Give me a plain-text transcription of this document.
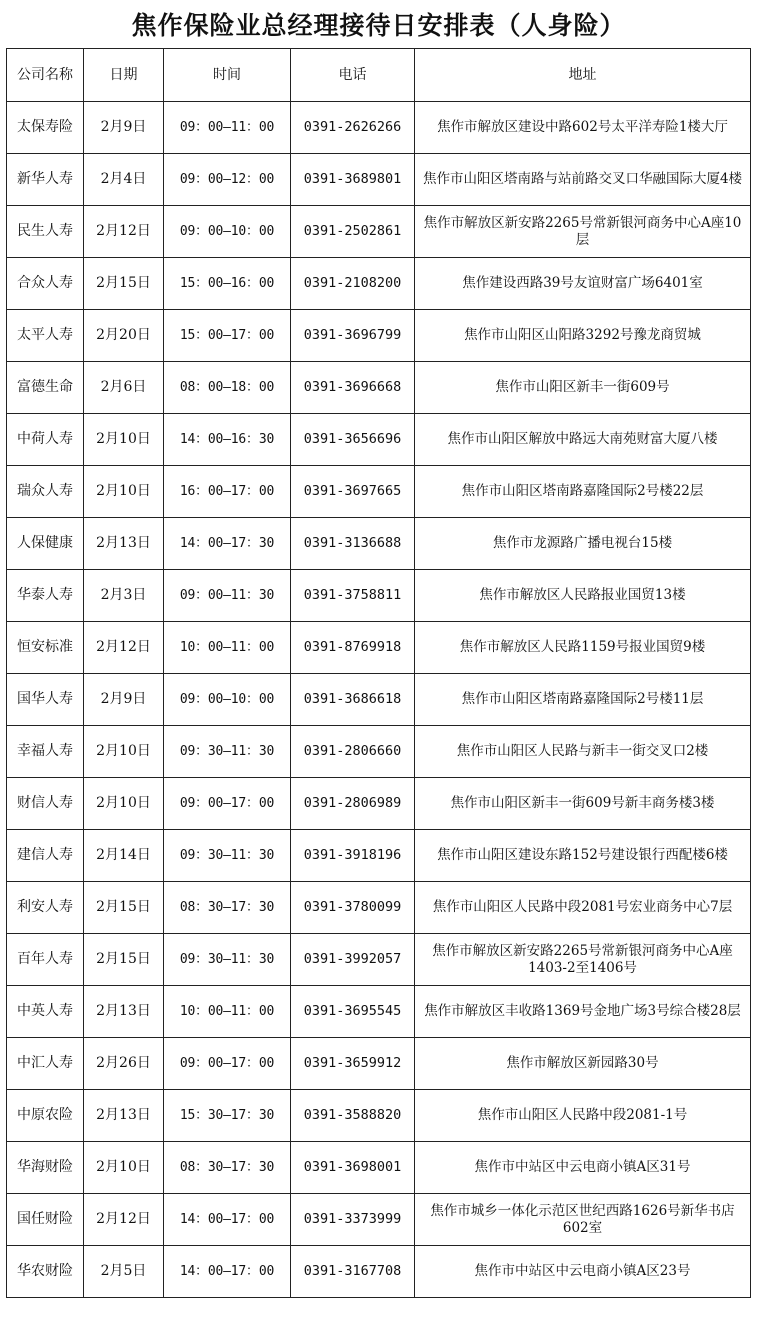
焦作保险业总经理接待日安排表（人身险）
公司名称	日期	时间	电话	地址
太保寿险	2月9日	09：00—11：00	0391-2626266	焦作市解放区建设中路602号太平洋寿险1楼大厅
新华人寿	2月4日	09：00—12：00	0391-3689801	焦作市山阳区塔南路与站前路交叉口华融国际大厦4楼
民生人寿	2月12日	09：00—10：00	0391-2502861	焦作市解放区新安路2265号常新银河商务中心A座10层
合众人寿	2月15日	15：00—16：00	0391-2108200	焦作建设西路39号友谊财富广场6401室
太平人寿	2月20日	15：00—17：00	0391-3696799	焦作市山阳区山阳路3292号豫龙商贸城
富德生命	2月6日	08：00—18：00	0391-3696668	焦作市山阳区新丰一街609号
中荷人寿	2月10日	14：00—16：30	0391-3656696	焦作市山阳区解放中路远大南苑财富大厦八楼
瑞众人寿	2月10日	16：00—17：00	0391-3697665	焦作市山阳区塔南路嘉隆国际2号楼22层
人保健康	2月13日	14：00—17：30	0391-3136688	焦作市龙源路广播电视台15楼
华泰人寿	2月3日	09：00—11：30	0391-3758811	焦作市解放区人民路报业国贸13楼
恒安标准	2月12日	10：00—11：00	0391-8769918	焦作市解放区人民路1159号报业国贸9楼
国华人寿	2月9日	09：00—10：00	0391-3686618	焦作市山阳区塔南路嘉隆国际2号楼11层
幸福人寿	2月10日	09：30—11：30	0391-2806660	焦作市山阳区人民路与新丰一街交叉口2楼
财信人寿	2月10日	09：00—17：00	0391-2806989	焦作市山阳区新丰一街609号新丰商务楼3楼
建信人寿	2月14日	09：30—11：30	0391-3918196	焦作市山阳区建设东路152号建设银行西配楼6楼
利安人寿	2月15日	08：30—17：30	0391-3780099	焦作市山阳区人民路中段2081号宏业商务中心7层
百年人寿	2月15日	09：30—11：30	0391-3992057	焦作市解放区新安路2265号常新银河商务中心A座1403-2至1406号
中英人寿	2月13日	10：00—11：00	0391-3695545	焦作市解放区丰收路1369号金地广场3号综合楼28层
中汇人寿	2月26日	09：00—17：00	0391-3659912	焦作市解放区新园路30号
中原农险	2月13日	15：30—17：30	0391-3588820	焦作市山阳区人民路中段2081-1号
华海财险	2月10日	08：30—17：30	0391-3698001	焦作市中站区中云电商小镇A区31号
国任财险	2月12日	14：00—17：00	0391-3373999	焦作市城乡一体化示范区世纪西路1626号新华书店602室
华农财险	2月5日	14：00—17：00	0391-3167708	焦作市中站区中云电商小镇A区23号
